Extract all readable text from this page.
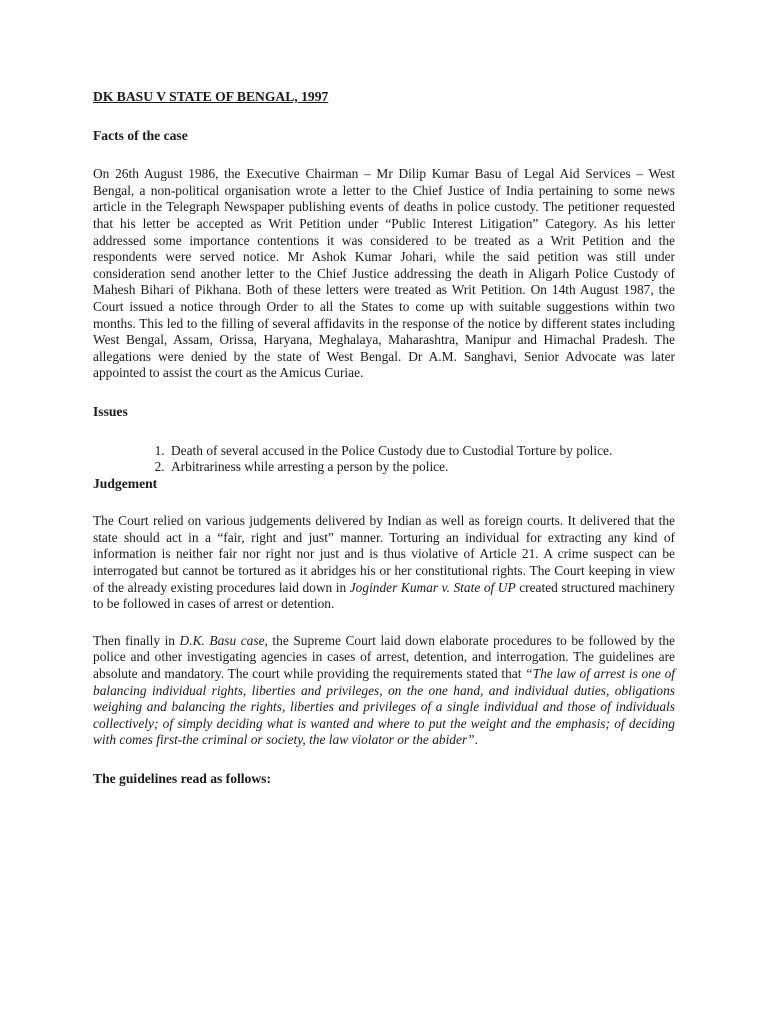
DK BASU V STATE OF BENGAL, 1997
Facts of the case

On 26th August 1986, the Executive Chairman – Mr Dilip Kumar Basu of Legal Aid Services – West Bengal, a non-political organisation wrote a letter to the Chief Justice of India pertaining to some news article in the Telegraph Newspaper publishing events of deaths in police custody. The petitioner requested that his letter be accepted as Writ Petition under “Public Interest Litigation” Category. As his letter addressed some importance contentions it was considered to be treated as a Writ Petition and the respondents were served notice. Mr Ashok Kumar Johari, while the said petition was still under consideration send another letter to the Chief Justice addressing the death in Aligarh Police Custody of Mahesh Bihari of Pikhana. Both of these letters were treated as Writ Petition. On 14th August 1987, the Court issued a notice through Order to all the States to come up with suitable suggestions within two months. This led to the filling of several affidavits in the response of the notice by different states including West Bengal, Assam, Orissa, Haryana, Meghalaya, Maharashtra, Manipur and Himachal Pradesh. The allegations were denied by the state of West Bengal. Dr A.M. Sanghavi, Senior Advocate was later appointed to assist the court as the Amicus Curiae.

Issues
1. Death of several accused in the Police Custody due to Custodial Torture by police.
2. Arbitrariness while arresting a person by the police.
Judgement

The Court relied on various judgements delivered by Indian as well as foreign courts. It delivered that the state should act in a “fair, right and just” manner. Torturing an individual for extracting any kind of information is neither fair nor right nor just and is thus violative of Article 21. A crime suspect can be interrogated but cannot be tortured as it abridges his or her constitutional rights. The Court keeping in view of the already existing procedures laid down in Joginder Kumar v. State of UP created structured machinery to be followed in cases of arrest or detention.

Then finally in D.K. Basu case, the Supreme Court laid down elaborate procedures to be followed by the police and other investigating agencies in cases of arrest, detention, and interrogation. The guidelines are absolute and mandatory. The court while providing the requirements stated that “The law of arrest is one of balancing individual rights, liberties and privileges, on the one hand, and individual duties, obligations weighing and balancing the rights, liberties and privileges of a single individual and those of individuals collectively; of simply deciding what is wanted and where to put the weight and the emphasis; of deciding with comes first-the criminal or society, the law violator or the abider”.

The guidelines read as follows:
